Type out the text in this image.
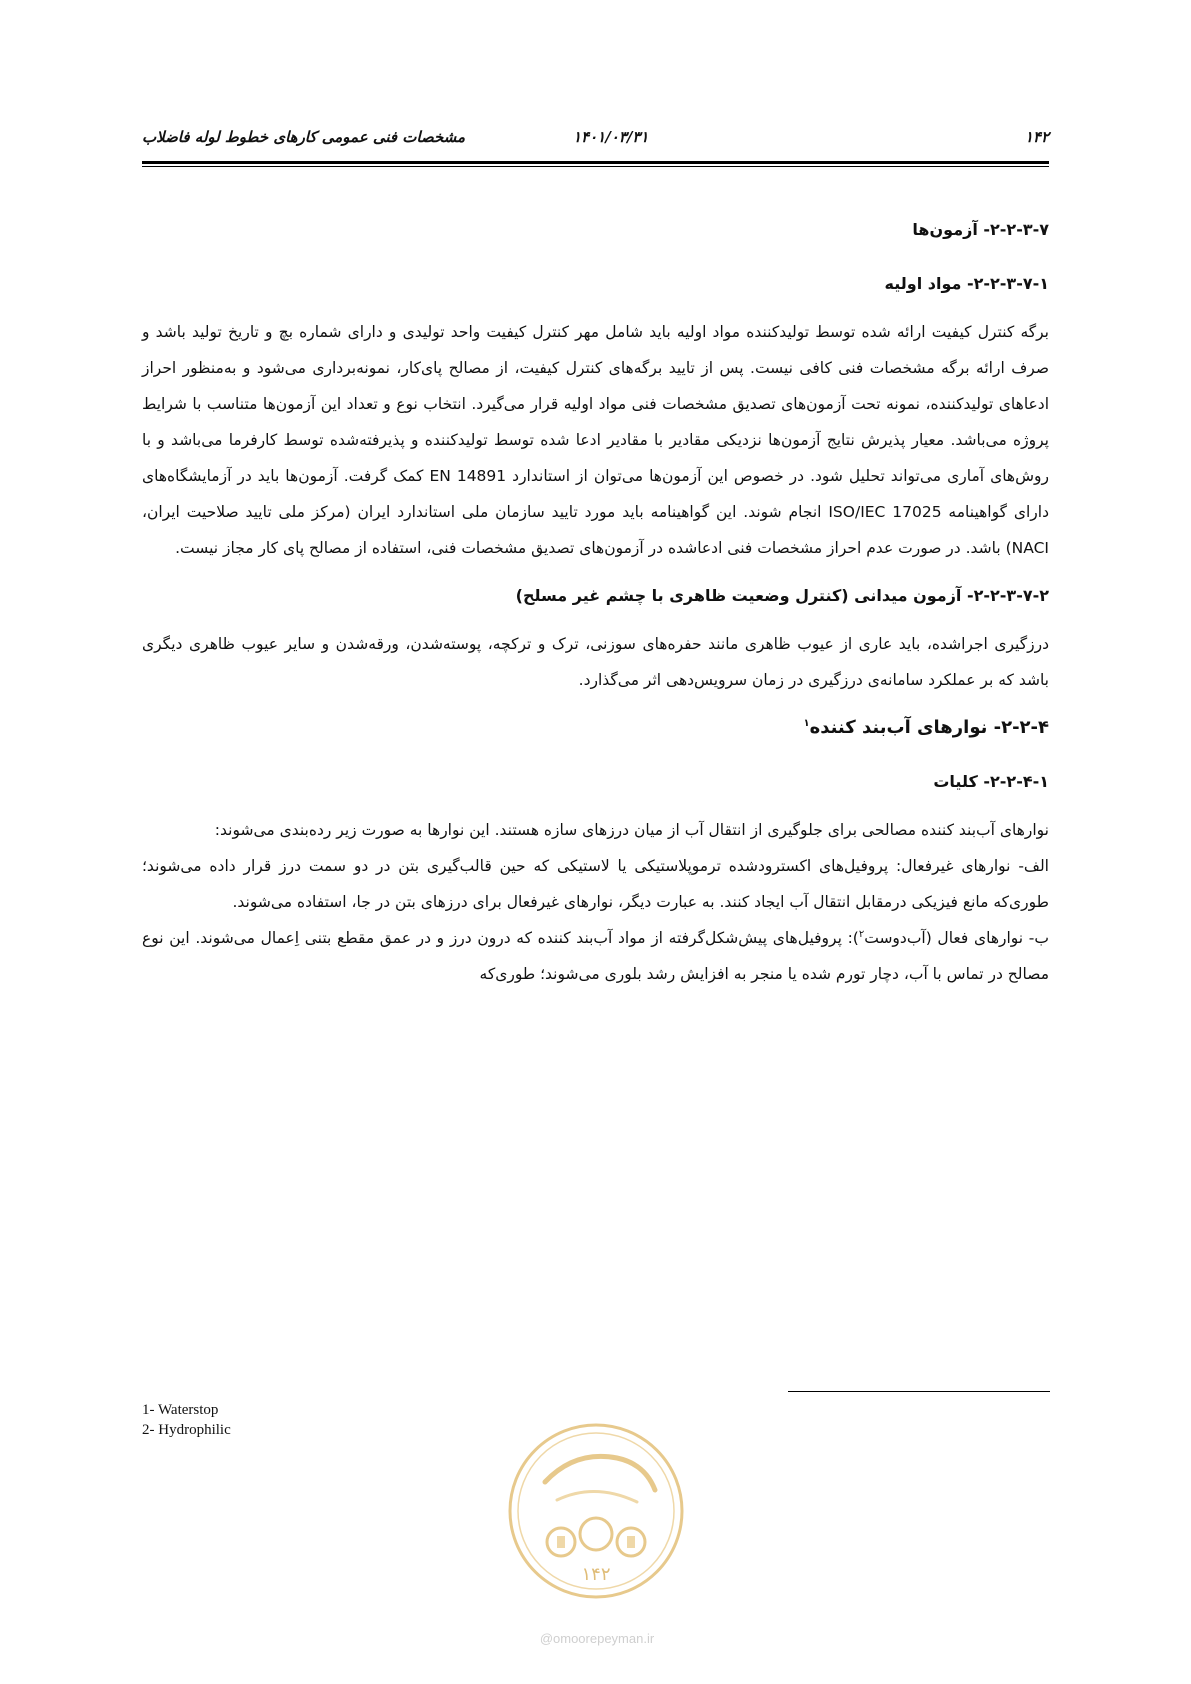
۱۴۲
۱۴۰۱/۰۳/۳۱
مشخصات فنی عمومی کارهای خطوط لوله فاضلاب

۲-۲-۳-۷- آزمون‌ها

۲-۲-۳-۷-۱- مواد اولیه

برگه کنترل کیفیت ارائه شده توسط تولیدکننده مواد اولیه باید شامل مهر کنترل کیفیت واحد تولیدی و دارای شماره بچ و تاریخ تولید باشد و صرف ارائه برگه مشخصات فنی کافی نیست. پس از تایید برگه‌های کنترل کیفیت، از مصالح پای‌کار، نمونه‌برداری می‌شود و به‌منظور احراز ادعاهای تولیدکننده، نمونه تحت آزمون‌های تصدیق مشخصات فنی مواد اولیه قرار می‌گیرد. انتخاب نوع و تعداد این آزمون‌ها متناسب با شرایط پروژه می‌باشد. معیار پذیرش نتایج آزمون‌ها نزدیکی مقادیر با مقادیر ادعا شده توسط تولیدکننده و پذیرفته‌شده توسط کارفرما می‌باشد و با روش‌های آماری می‌تواند تحلیل شود. در خصوص این آزمون‌ها می‌توان از استاندارد EN 14891 کمک گرفت. آزمون‌ها باید در آزمایشگاه‌های دارای گواهینامه ISO/IEC 17025 انجام شوند. این گواهینامه باید مورد تایید سازمان ملی استاندارد ایران (مرکز ملی تایید صلاحیت ایران، NACI) باشد. در صورت عدم احراز مشخصات فنی ادعاشده در آزمون‌های تصدیق مشخصات فنی، استفاده از مصالح پای کار مجاز نیست.

۲-۲-۳-۷-۲- آزمون میدانی (کنترل وضعیت ظاهری با چشم غیر مسلح)

درزگیری اجراشده، باید عاری از عیوب ظاهری مانند حفره‌های سوزنی، ترک و ترکچه، پوسته‌شدن، ورقه‌شدن و سایر عیوب ظاهری دیگری باشد که بر عملکرد سامانه‌ی درزگیری در زمان سرویس‌دهی اثر می‌گذارد.

۲-۲-۴- نوارهای آب‌بند کننده$^۱$

۲-۲-۴-۱- کلیات

نوارهای آب‌بند کننده مصالحی برای جلوگیری از انتقال آب از میان درزهای سازه هستند. این نوارها به صورت زیر رده‌بندی می‌شوند:

الف- نوارهای غیرفعال: پروفیل‌های اکسترودشده ترموپلاستیکی یا لاستیکی که حین قالب‌گیری بتن در دو سمت درز قرار داده می‌شوند؛ طوری‌که مانع فیزیکی درمقابل انتقال آب ایجاد کنند. به عبارت دیگر، نوارهای غیرفعال برای درزهای بتن در جا، استفاده می‌شوند.

ب- نوارهای فعال (آب‌دوست$^۲$): پروفیل‌های پیش‌شکل‌گرفته از مواد آب‌بند کننده که درون درز و در عمق مقطع بتنی اِعمال می‌شوند. این نوع مصالح در تماس با آب، دچار تورم شده یا منجر به افزایش رشد بلوری می‌شوند؛ طوری‌که

1- Waterstop
2- Hydrophilic
۱۴۲
@omoorepeyman.ir
